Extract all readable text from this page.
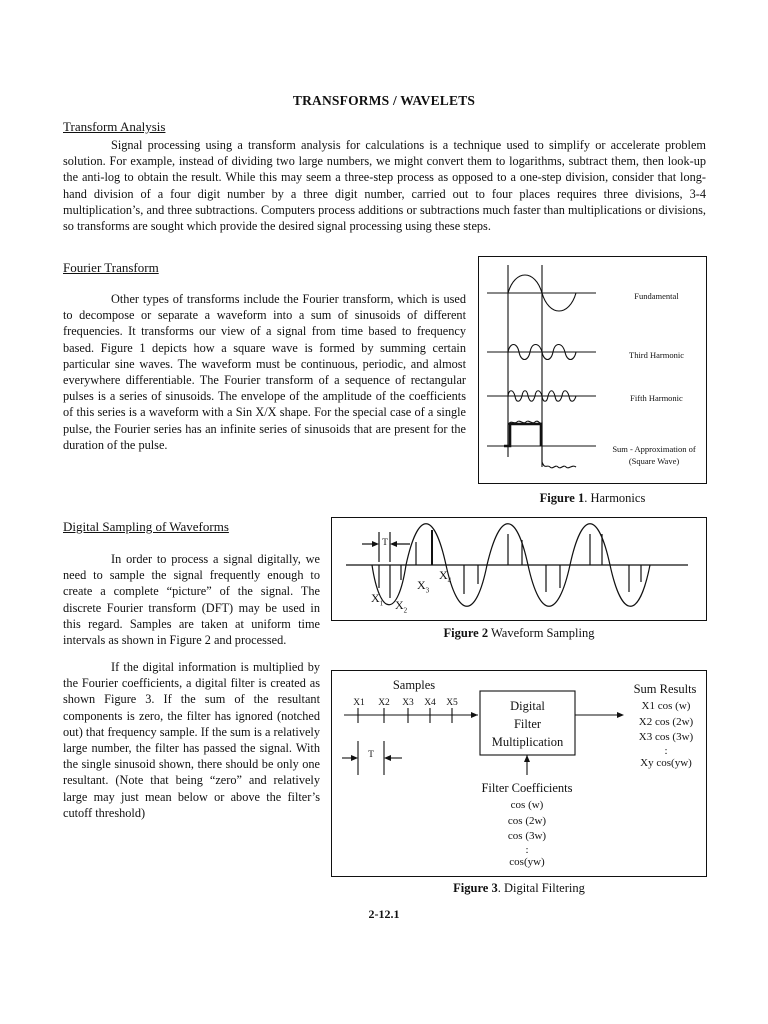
TRANSFORMS / WAVELETS
Transform Analysis
Signal processing using a transform analysis for calculations is a technique used to simplify or accelerate problem solution. For example, instead of dividing two large numbers, we might convert them to logarithms, subtract them, then look-up the anti-log to obtain the result. While this may seem a three-step process as opposed to a one-step division, consider that long-hand division of a four digit number by a three digit number, carried out to four places requires three divisions, 3-4 multiplication’s, and three subtractions. Computers process additions or subtractions much faster than multiplications or divisions, so transforms are sought which provide the desired signal processing using these steps.
Fourier Transform
Other types of transforms include the Fourier transform, which is used to decompose or separate a waveform into a sum of sinusoids of different frequencies. It transforms our view of a signal from time based to frequency based. Figure 1 depicts how a square wave is formed by summing certain particular sine waves. The waveform must be continuous, periodic, and almost everywhere differentiable. The Fourier transform of a sequence of rectangular pulses is a series of sinusoids. The envelope of the amplitude of the coefficients of this series is a waveform with a Sin X/X shape. For the special case of a single pulse, the Fourier series has an infinite series of sinusoids that are present for the duration of the pulse.
Fundamental
Third Harmonic
Fifth Harmonic
Sum - Approximation of
(Square Wave)
Figure 1. Harmonics
Digital Sampling of Waveforms
In order to process a signal digitally, we need to sample the signal frequently enough to create a complete “picture” of the signal. The discrete Fourier transform (DFT) may be used in this regard. Samples are taken at uniform time intervals as shown in Figure 2 and processed.
If the digital information is multiplied by the Fourier coefficients, a digital filter is created as shown Figure 3. If the sum of the resultant components is zero, the filter has ignored (notched out) that frequency sample. If the sum is a relatively large number, the filter has passed the signal. With the single sinusoid shown, there should be only one resultant. (Note that being “zero” and relatively large may just mean below or above the filter’s cutoff threshold)
T
$X_1$ $X_2$
$X_3$
$X_4$
Figure 2 Waveform Sampling
Samples
X1 X2 X3 X4 X5
T
Digital
Filter
Multiplication
Filter Coefficients
cos (w)
cos (2w)
cos (3w)
:
cos(yw)
Sum Results
X1 cos (w)
X2 cos (2w)
X3 cos (3w)
:
Xy cos(yw)
Figure 3. Digital Filtering
2-12.1
